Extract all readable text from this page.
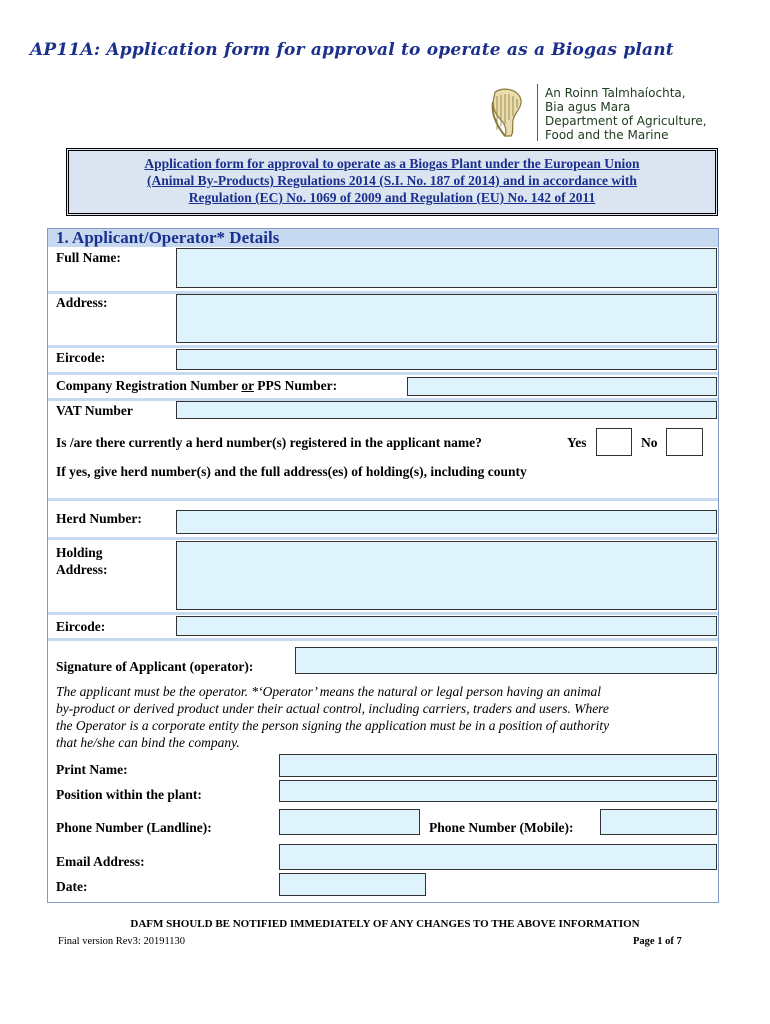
AP11A: Application form for approval to operate as a Biogas plant
An Roinn Talmhaíochta,
Bia agus Mara
Department of Agriculture,
Food and the Marine
Application form for approval to operate as a Biogas Plant under the European Union
(Animal By-Products) Regulations 2014 (S.I. No. 187 of 2014) and in accordance with
Regulation (EC) No. 1069 of 2009 and Regulation (EU) No. 142 of 2011
1. Applicant/Operator* Details
Full Name:
Address:
Eircode:
Company Registration Number or PPS Number:
VAT Number
Is /are there currently a herd number(s) registered in the applicant name?	Yes	No
If yes, give herd number(s) and the full address(es) of holding(s), including county
Herd Number:
Holding
Address:
Eircode:
Signature of Applicant (operator):
The applicant must be the operator. *‘Operator’ means the natural or legal person having an animal
by-product or derived product under their actual control, including carriers, traders and users. Where
the Operator is a corporate entity the person signing the application must be in a position of authority
that he/she can bind the company.
Print Name:
Position within the plant:
Phone Number (Landline):	Phone Number (Mobile):
Email Address:
Date:
DAFM SHOULD BE NOTIFIED IMMEDIATELY OF ANY CHANGES TO THE ABOVE INFORMATION
Final version Rev3: 20191130	Page 1 of 7
